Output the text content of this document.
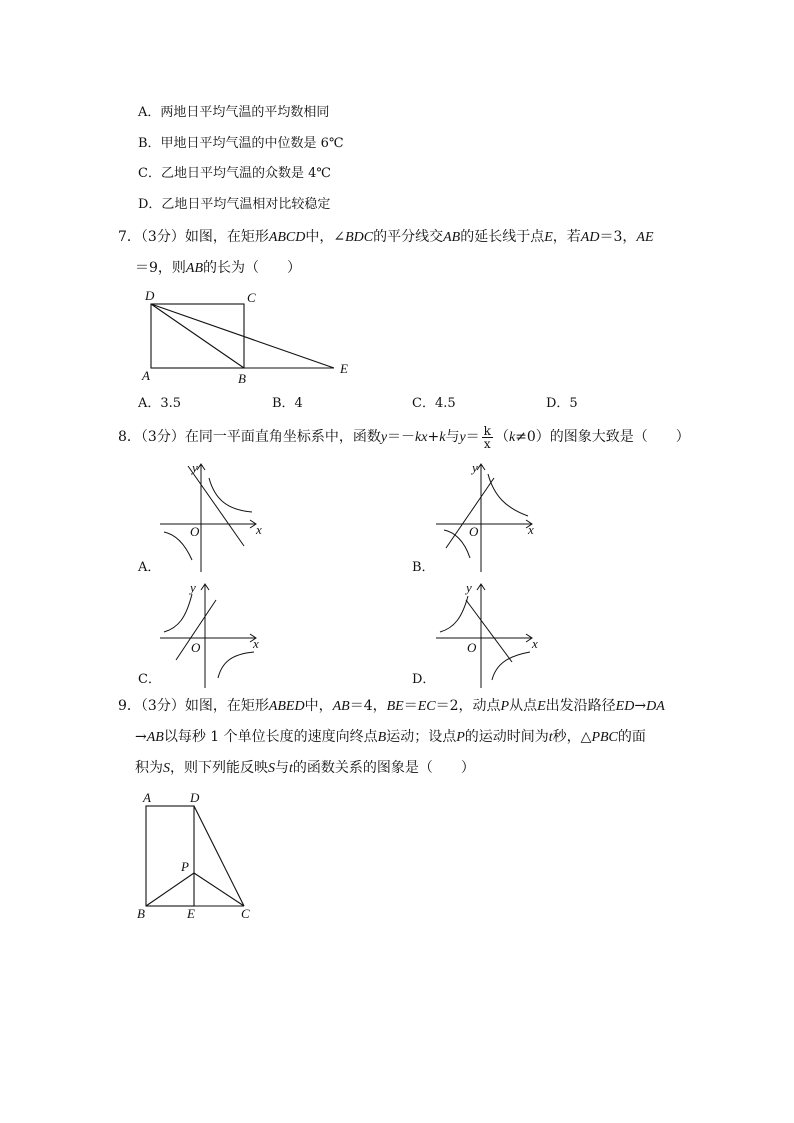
A．两地日平均气温的平均数相同
B．甲地日平均气温的中位数是 6℃
C．乙地日平均气温的众数是 4℃
D．乙地日平均气温相对比较稳定
7．（3分）如图，在矩形ABCD中，∠BDC的平分线交AB的延长线于点E，若AD＝3，AE
＝9，则AB的长为（　　）
D	C
A	B
E
A．3.5	B．4	C．4.5	D．5
8．（3分）在同一平面直角坐标系中，函数y＝－kx+k与$y= \frac{k}{x} (k\ne 0)$的图象大致是（　　）
y
x
O
A．
y
x
O
B．
y
x
O
C．
y
x
O
D．
9．（3分）如图，在矩形ABED中，AB＝4，BE＝EC＝2，动点P从点E出发沿路径ED→DA
→AB以每秒 1 个单位长度的速度向终点B运动；设点P的运动时间为t秒，△PBC的面
积为S，则下列能反映S与t的函数关系的图象是（　　）
A	D
P
B	E	C
